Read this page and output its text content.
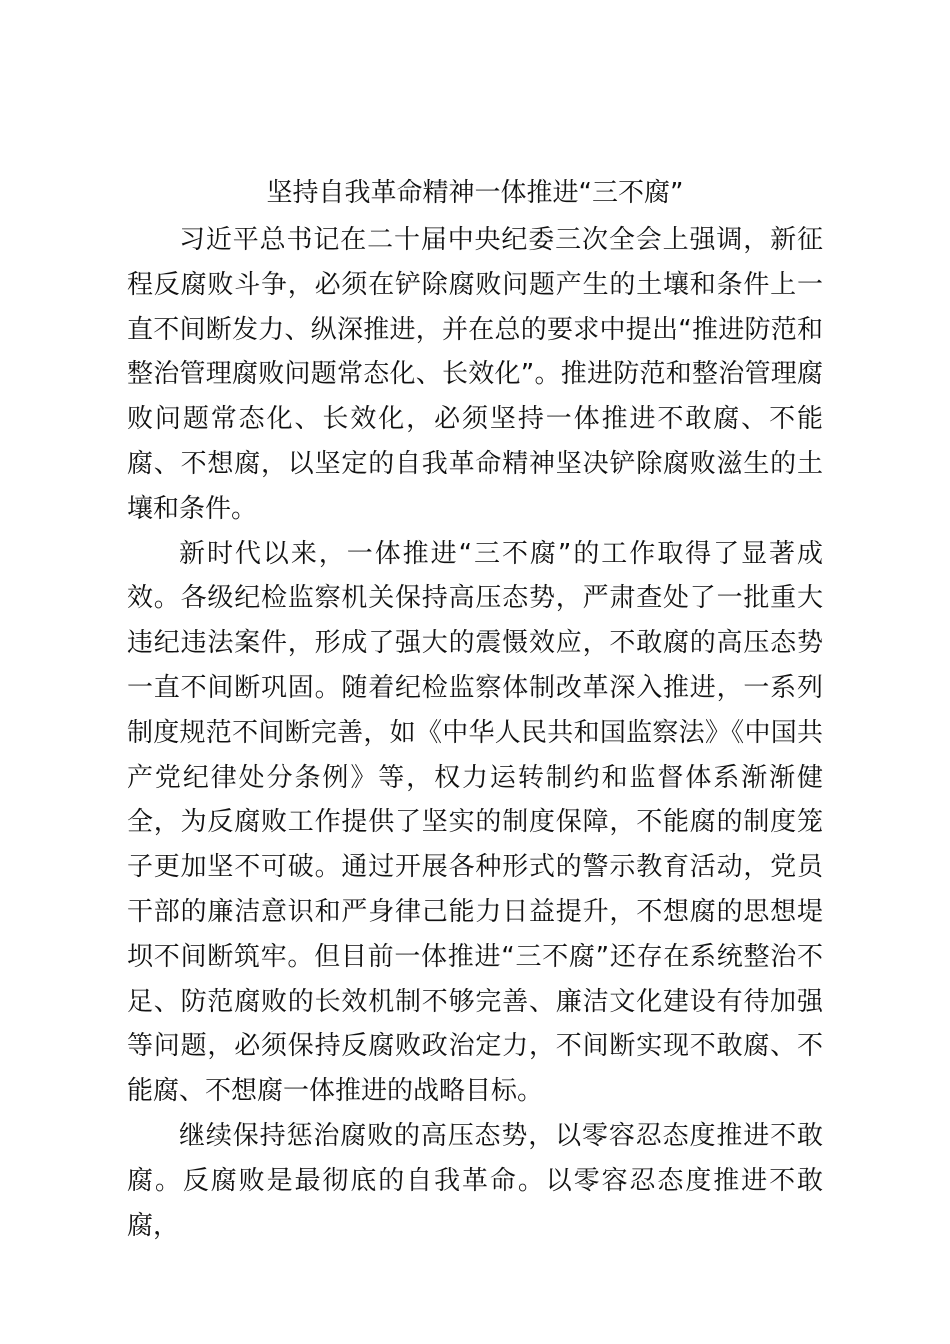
坚持自我革命精神一体推进“三不腐”

习近平总书记在二十届中央纪委三次全会上强调，新征程反腐败斗争，必须在铲除腐败问题产生的土壤和条件上一直不间断发力、纵深推进，并在总的要求中提出“推进防范和整治管理腐败问题常态化、长效化”。推进防范和整治管理腐败问题常态化、长效化，必须坚持一体推进不敢腐、不能腐、不想腐，以坚定的自我革命精神坚决铲除腐败滋生的土壤和条件。

新时代以来，一体推进“三不腐”的工作取得了显著成效。各级纪检监察机关保持高压态势，严肃查处了一批重大违纪违法案件，形成了强大的震慑效应，不敢腐的高压态势一直不间断巩固。随着纪检监察体制改革深入推进，一系列制度规范不间断完善，如《中华人民共和国监察法》《中国共产党纪律处分条例》等，权力运转制约和监督体系渐渐健全，为反腐败工作提供了坚实的制度保障，不能腐的制度笼子更加坚不可破。通过开展各种形式的警示教育活动，党员干部的廉洁意识和严身律己能力日益提升，不想腐的思想堤坝不间断筑牢。但目前一体推进“三不腐”还存在系统整治不足、防范腐败的长效机制不够完善、廉洁文化建设有待加强等问题，必须保持反腐败政治定力，不间断实现不敢腐、不能腐、不想腐一体推进的战略目标。

继续保持惩治腐败的高压态势，以零容忍态度推进不敢腐。反腐败是最彻底的自我革命。以零容忍态度推进不敢腐，
